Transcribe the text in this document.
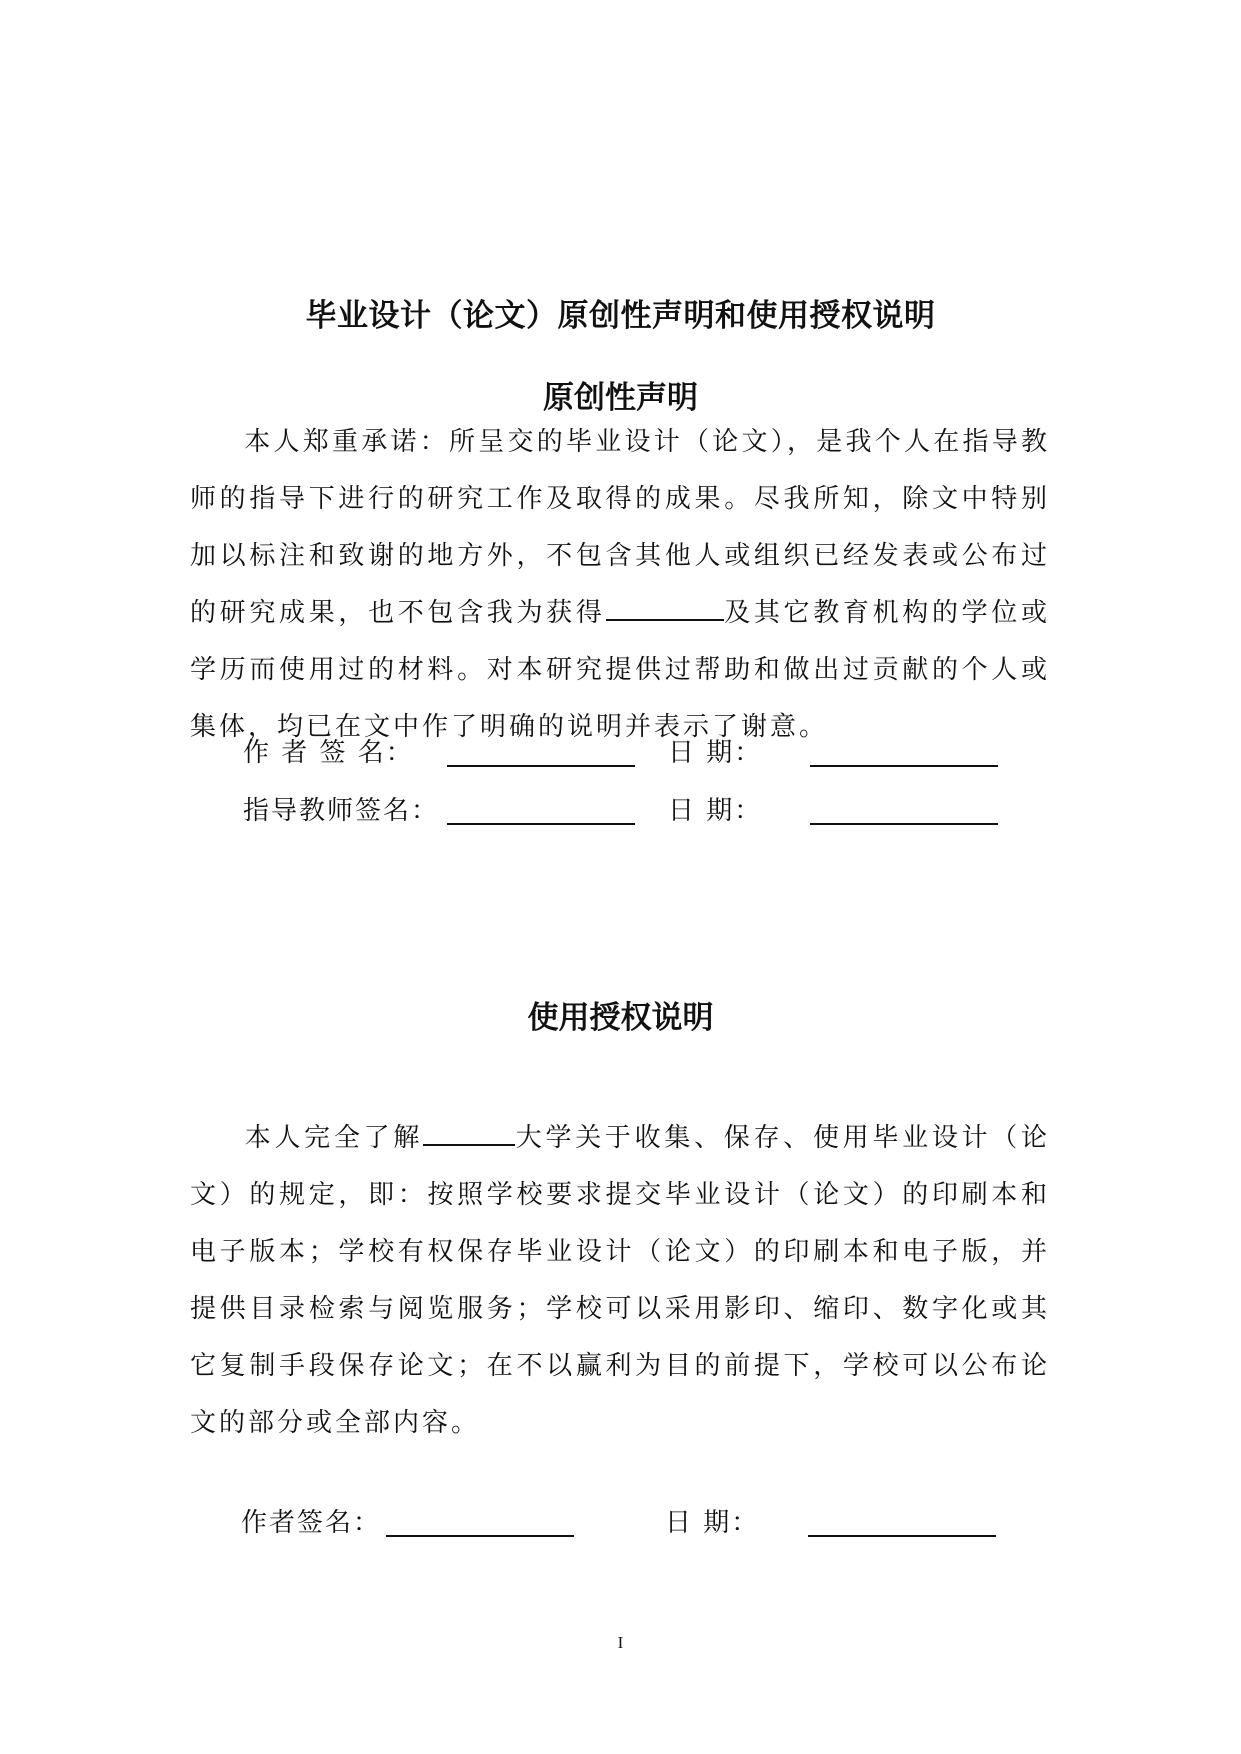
毕业设计（论文）原创性声明和使用授权说明
原创性声明
本人郑重承诺：所呈交的毕业设计（论文），是我个人在指导教师的指导下进行的研究工作及取得的成果。尽我所知，除文中特别加以标注和致谢的地方外，不包含其他人或组织已经发表或公布过的研究成果，也不包含我为获得	及其它教育机构的学位或学历而使用过的材料。对本研究提供过帮助和做出过贡献的个人或集体，均已在文中作了明确的说明并表示了谢意。
作 者 签 名：	日 期：
指导教师签名：	日 期：
使用授权说明
本人完全了解	大学关于收集、保存、使用毕业设计（论文）的规定，即：按照学校要求提交毕业设计（论文）的印刷本和电子版本；学校有权保存毕业设计（论文）的印刷本和电子版，并提供目录检索与阅览服务；学校可以采用影印、缩印、数字化或其它复制手段保存论文；在不以赢利为目的前提下，学校可以公布论文的部分或全部内容。
作者签名：	日 期：
I
